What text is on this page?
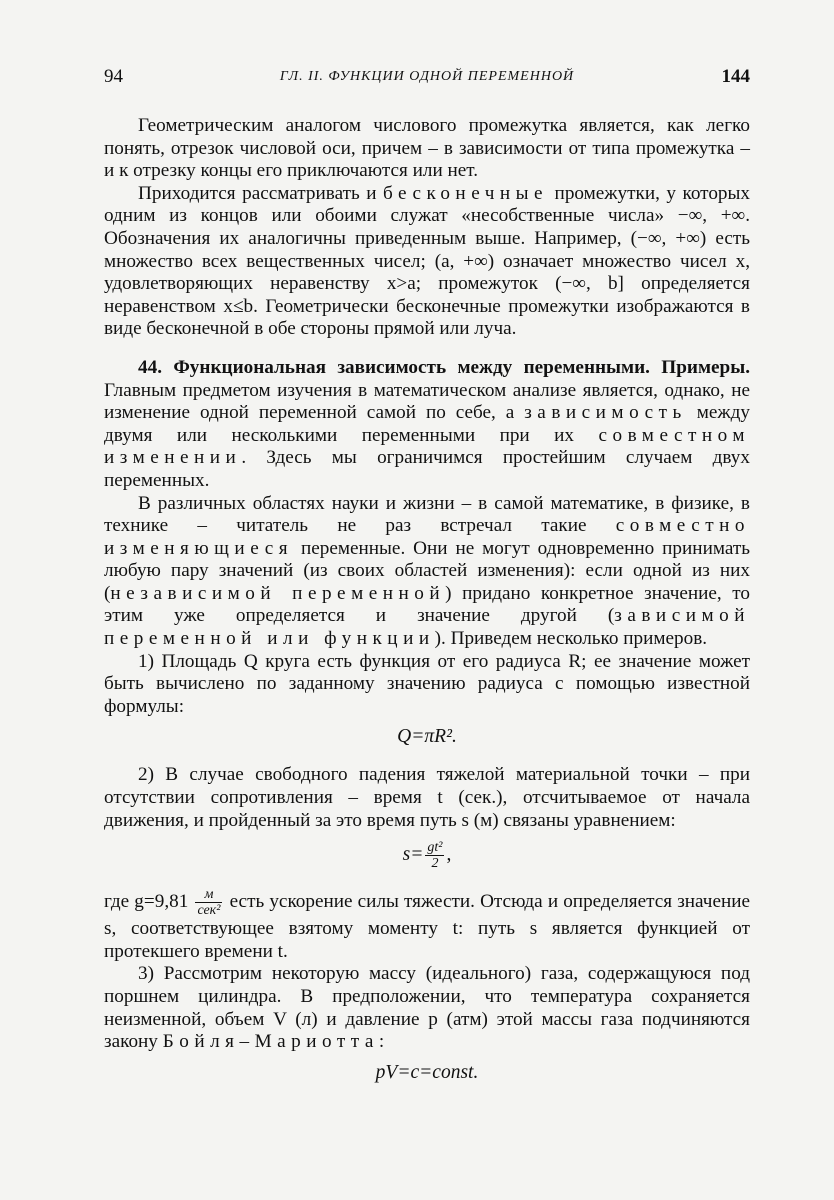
94	ГЛ. II. ФУНКЦИИ ОДНОЙ ПЕРЕМЕННОЙ	144

Геометрическим аналогом числового промежутка является, как легко понять, отрезок числовой оси, причем – в зависимости от типа промежутка – и к отрезку концы его приключаются или нет.

Приходится рассматривать и бесконечные промежутки, у которых одним из концов или обоими служат «несобственные числа» −∞, +∞. Обозначения их аналогичны приведенным выше. Например, (−∞, +∞) есть множество всех вещественных чисел; (a, +∞) означает множество чисел x, удовлетворяющих неравенству x>a; промежуток (−∞, b] определяется неравенством x≤b. Геометрически бесконечные промежутки изображаются в виде бесконечной в обе стороны прямой или луча.

44. Функциональная зависимость между переменными. Примеры. Главным предметом изучения в математическом анализе является, однако, не изменение одной переменной самой по себе, а зависимость между двумя или несколькими переменными при их совместном изменении. Здесь мы ограничимся простейшим случаем двух переменных.

В различных областях науки и жизни – в самой математике, в физике, в технике – читатель не раз встречал такие совместно изменяющиеся переменные. Они не могут одновременно принимать любую пару значений (из своих областей изменения): если одной из них (независимой переменной) придано конкретное значение, то этим уже определяется и значение другой (зависимой переменной или функции). Приведем несколько примеров.

1) Площадь Q круга есть функция от его радиуса R; ее значение может быть вычислено по заданному значению радиуса с помощью известной формулы:

Q=πR².

2) В случае свободного падения тяжелой материальной точки – при отсутствии сопротивления – время t (сек.), отсчитываемое от начала движения, и пройденный за это время путь s (м) связаны уравнением:

$s= \frac{\text{gt²}}{2}$ ,

где $g=9,81 \frac{м}{\text{сек²}}$ есть ускорение силы тяжести. Отсюда и определяется значение s, соответствующее взятому моменту t: путь s является функцией от протекшего времени t.

3) Рассмотрим некоторую массу (идеального) газа, содержащуюся под поршнем цилиндра. В предположении, что температура сохраняется неизменной, объем V (л) и давление p (атм) этой массы газа подчиняются закону Бойля–Мариотта:

pV=c=const.
